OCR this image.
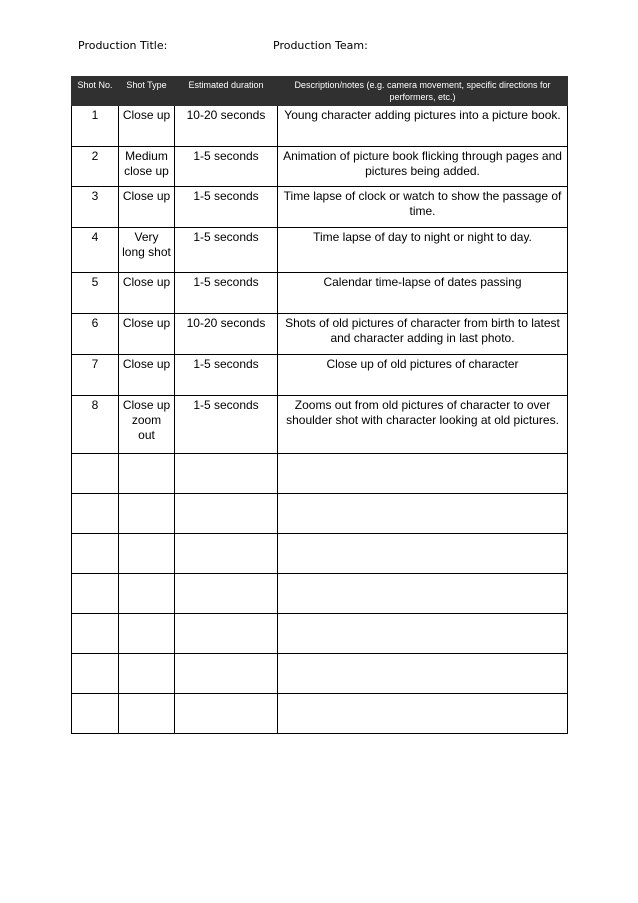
Production Title:	Production Team:
Shot No.	Shot Type	Estimated duration	Description/notes (e.g. camera movement, specific directions for performers, etc.)
1	Close up	10-20 seconds	Young character adding pictures into a picture book.
2	Medium close up	1-5 seconds	Animation of picture book flicking through pages and pictures being added.
3	Close up	1-5 seconds	Time lapse of clock or watch to show the passage of time.
4	Very long shot	1-5 seconds	Time lapse of day to night or night to day.
5	Close up	1-5 seconds	Calendar time-lapse of dates passing
6	Close up	10-20 seconds	Shots of old pictures of character from birth to latest and character adding in last photo.
7	Close up	1-5 seconds	Close up of old pictures of character
8	Close up zoom out	1-5 seconds	Zooms out from old pictures of character to over shoulder shot with character looking at old pictures.
